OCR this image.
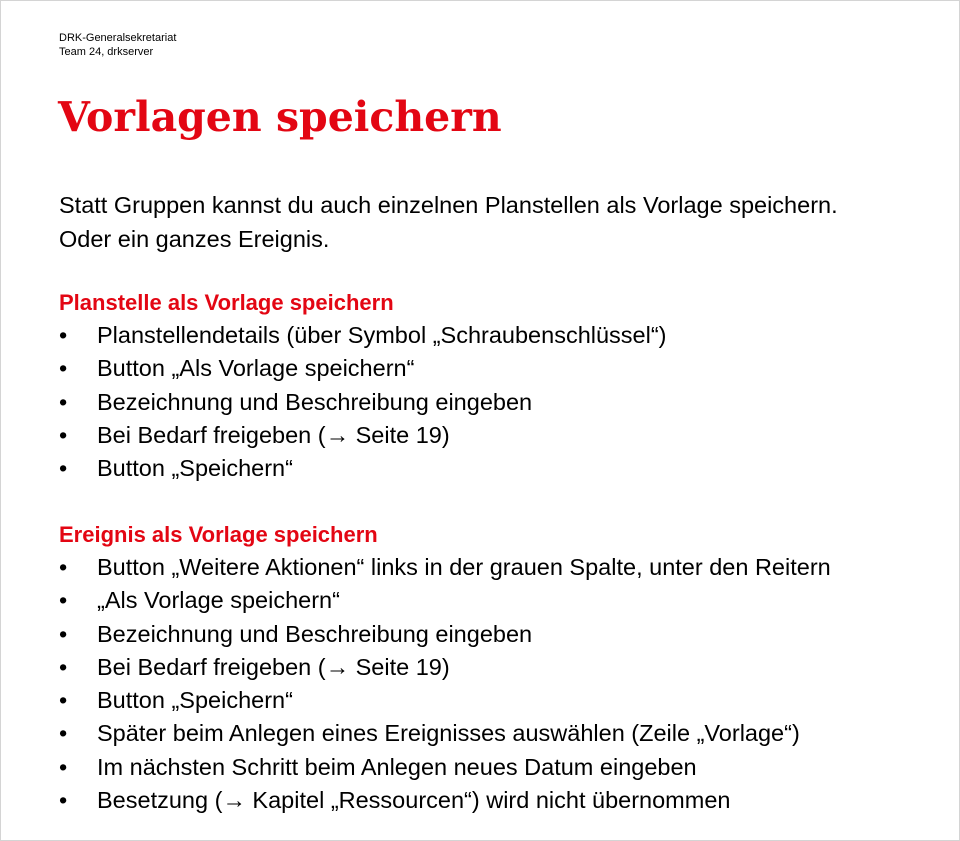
DRK-Generalsekretariat
Team 24, drkserver
Vorlagen speichern
Statt Gruppen kannst du auch einzelnen Planstellen als Vorlage speichern.
Oder ein ganzes Ereignis.
Planstelle als Vorlage speichern
•	Planstellendetails (über Symbol „Schraubenschlüssel“)
•	Button „Als Vorlage speichern“
•	Bezeichnung und Beschreibung eingeben
•	Bei Bedarf freigeben (→ Seite 19)
•	Button „Speichern“
Ereignis als Vorlage speichern
•	Button „Weitere Aktionen“ links in der grauen Spalte, unter den Reitern
•	„Als Vorlage speichern“
•	Bezeichnung und Beschreibung eingeben
•	Bei Bedarf freigeben (→ Seite 19)
•	Button „Speichern“
•	Später beim Anlegen eines Ereignisses auswählen (Zeile „Vorlage“)
•	Im nächsten Schritt beim Anlegen neues Datum eingeben
•	Besetzung (→ Kapitel „Ressourcen“) wird nicht übernommen
